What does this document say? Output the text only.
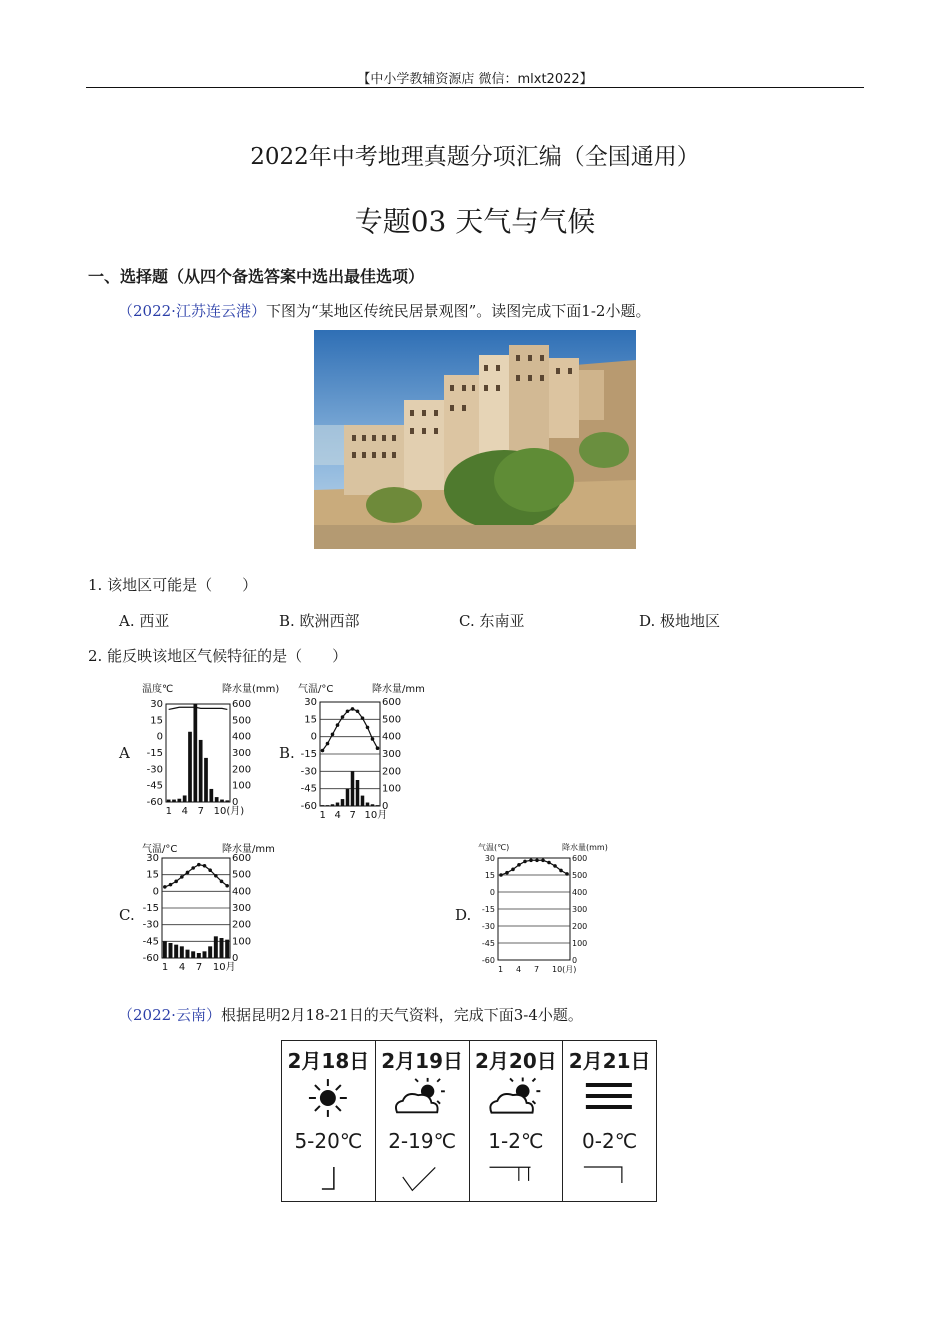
【中小学教辅资源店 微信：mlxt2022】
2022年中考地理真题分项汇编（全国通用）
专题03 天气与气候
一、选择题（从四个备选答案中选出最佳选项）
（2022·江苏连云港）下图为“某地区传统民居景观图”。读图完成下面1-2小题。
1. 该地区可能是（　　）
A. 西亚	B. 欧洲西部	C. 东南亚	D. 极地地区
2. 能反映该地区气候特征的是（　　）
A	B.
C.	D.
温度℃	降水量(mm)
30	600
15	500
0	400
-15	300
-30	200
-45	100
-60	0
1 4 7 10(月)
气温/°C	降水量/mm
30	600
15	500
0	400
-15	300
-30	200
-45	100
-60	0
1 4 7 10月
气温/°C	降水量/mm
30	600
15	500
0	400
-15	300
-30	200
-45	100
-60	0
1 4 7 10月
气温(℃)	降水量(mm)
30	600
15	500
0	400
-15	300
-30	200
-45	100
-60	0
1 4 7 10(月)
（2022·云南）根据昆明2月18-21日的天气资料，完成下面3-4小题。
2月18日
5-20℃
2月19日
2-19℃
2月20日
1-2℃
2月21日
0-2℃
